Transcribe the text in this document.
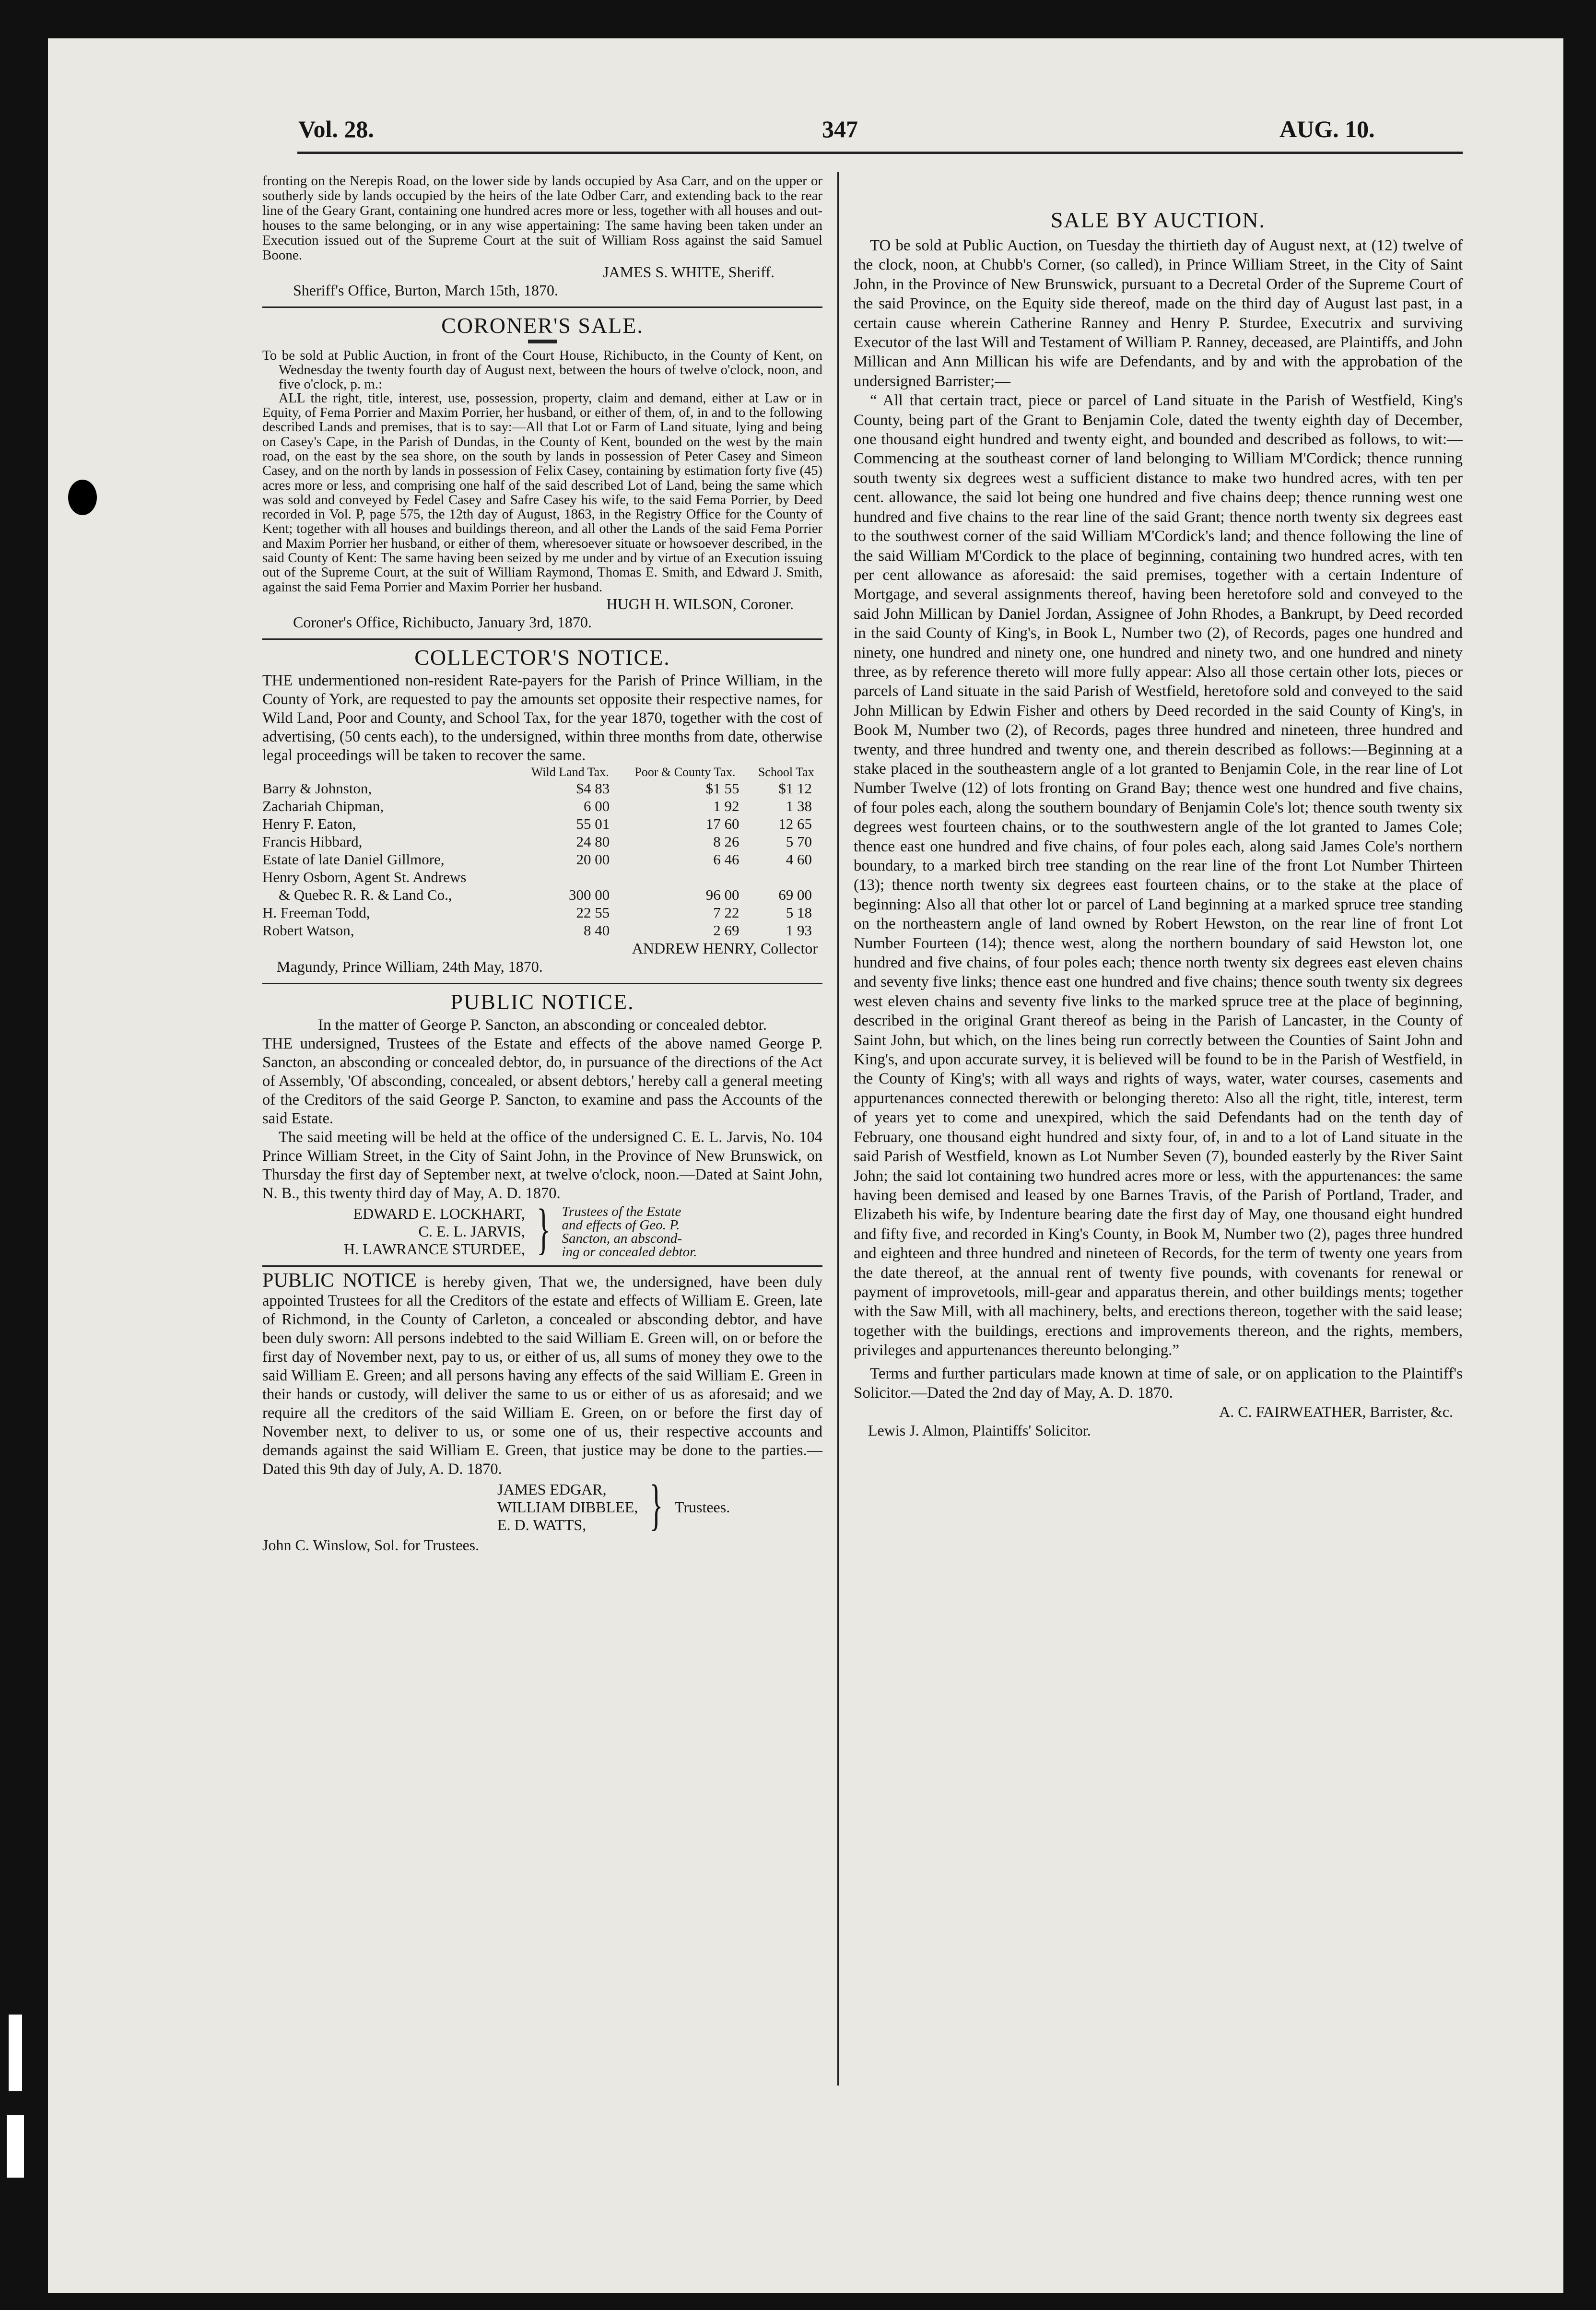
Vol. 28.	347	AUG. 10.

fronting on the Nerepis Road, on the lower side by lands occupied by Asa Carr, and on the upper or southerly side by lands occupied by the heirs of the late Odber Carr, and extending back to the rear line of the Geary Grant, containing one hundred acres more or less, together with all houses and out-houses to the same belonging, or in any wise appertaining: The same having been taken under an Execution issued out of the Supreme Court at the suit of William Ross against the said Samuel Boone.

JAMES S. WHITE, Sheriff.

Sheriff's Office, Burton, March 15th, 1870.

CORONER'S SALE.

To be sold at Public Auction, in front of the Court House, Richibucto, in the County of Kent, on Wednesday the twenty fourth day of August next, between the hours of twelve o'clock, noon, and five o'clock, p. m.:

ALL the right, title, interest, use, possession, property, claim and demand, either at Law or in Equity, of Fema Porrier and Maxim Porrier, her husband, or either of them, of, in and to the following described Lands and premises, that is to say:—All that Lot or Farm of Land situate, lying and being on Casey's Cape, in the Parish of Dundas, in the County of Kent, bounded on the west by the main road, on the east by the sea shore, on the south by lands in possession of Peter Casey and Simeon Casey, and on the north by lands in possession of Felix Casey, containing by estimation forty five (45) acres more or less, and comprising one half of the said described Lot of Land, being the same which was sold and conveyed by Fedel Casey and Safre Casey his wife, to the said Fema Porrier, by Deed recorded in Vol. P, page 575, the 12th day of August, 1863, in the Registry Office for the County of Kent; together with all houses and buildings thereon, and all other the Lands of the said Fema Porrier and Maxim Porrier her husband, or either of them, wheresoever situate or howsoever described, in the said County of Kent: The same having been seized by me under and by virtue of an Execution issuing out of the Supreme Court, at the suit of William Raymond, Thomas E. Smith, and Edward J. Smith, against the said Fema Porrier and Maxim Porrier her husband.

HUGH H. WILSON, Coroner.

Coroner's Office, Richibucto, January 3rd, 1870.

COLLECTOR'S NOTICE.

THE undermentioned non-resident Rate-payers for the Parish of Prince William, in the County of York, are requested to pay the amounts set opposite their respective names, for Wild Land, Poor and County, and School Tax, for the year 1870, together with the cost of advertising, (50 cents each), to the undersigned, within three months from date, otherwise legal proceedings will be taken to recover the same.

	Wild Land Tax.	Poor & County Tax.	School Tax
Barry & Johnston,	$4 83	$1 55	$1 12
Zachariah Chipman,	6 00	1 92	1 38
Henry F. Eaton,	55 01	17 60	12 65
Francis Hibbard,	24 80	8 26	5 70
Estate of late Daniel Gillmore,	20 00	6 46	4 60
Henry Osborn, Agent St. Andrews			
& Quebec R. R. & Land Co.,	300 00	96 00	69 00
H. Freeman Todd,	22 55	7 22	5 18
Robert Watson,	8 40	2 69	1 93

ANDREW HENRY, Collector

Magundy, Prince William, 24th May, 1870.

PUBLIC NOTICE.

In the matter of George P. Sancton, an absconding or concealed debtor.

THE undersigned, Trustees of the Estate and effects of the above named George P. Sancton, an absconding or concealed debtor, do, in pursuance of the directions of the Act of Assembly, 'Of absconding, concealed, or absent debtors,' hereby call a general meeting of the Creditors of the said George P. Sancton, to examine and pass the Accounts of the said Estate.

The said meeting will be held at the office of the undersigned C. E. L. Jarvis, No. 104 Prince William Street, in the City of Saint John, in the Province of New Brunswick, on Thursday the first day of September next, at twelve o'clock, noon.—Dated at Saint John, N. B., this twenty third day of May, A. D. 1870.

EDWARD E. LOCKHART,
C. E. L. JARVIS,
H. LAWRANCE STURDEE, } Trustees of the Estate
and effects of Geo. P.
Sancton, an abscond-
ing or concealed debtor.

PUBLIC NOTICE is hereby given, That we, the undersigned, have been duly appointed Trustees for all the Creditors of the estate and effects of William E. Green, late of Richmond, in the County of Carleton, a concealed or absconding debtor, and have been duly sworn: All persons indebted to the said William E. Green will, on or before the first day of November next, pay to us, or either of us, all sums of money they owe to the said William E. Green; and all persons having any effects of the said William E. Green in their hands or custody, will deliver the same to us or either of us as aforesaid; and we require all the creditors of the said William E. Green, on or before the first day of November next, to deliver to us, or some one of us, their respective accounts and demands against the said William E. Green, that justice may be done to the parties.—Dated this 9th day of July, A. D. 1870.

JAMES EDGAR,
WILLIAM DIBBLEE,
E. D. WATTS,	} Trustees.

John C. Winslow, Sol. for Trustees.

SALE BY AUCTION.

TO be sold at Public Auction, on Tuesday the thirtieth day of August next, at (12) twelve of the clock, noon, at Chubb's Corner, (so called), in Prince William Street, in the City of Saint John, in the Province of New Brunswick, pursuant to a Decretal Order of the Supreme Court of the said Province, on the Equity side thereof, made on the third day of August last past, in a certain cause wherein Catherine Ranney and Henry P. Sturdee, Executrix and surviving Executor of the last Will and Testament of William P. Ranney, deceased, are Plaintiffs, and John Millican and Ann Millican his wife are Defendants, and by and with the approbation of the undersigned Barrister;—

“ All that certain tract, piece or parcel of Land situate in the Parish of Westfield, King's County, being part of the Grant to Benjamin Cole, dated the twenty eighth day of December, one thousand eight hundred and twenty eight, and bounded and described as follows, to wit:—Commencing at the southeast corner of land belonging to William M'Cordick; thence running south twenty six degrees west a sufficient distance to make two hundred acres, with ten per cent. allowance, the said lot being one hundred and five chains deep; thence running west one hundred and five chains to the rear line of the said Grant; thence north twenty six degrees east to the southwest corner of the said William M'Cordick's land; and thence following the line of the said William M'Cordick to the place of beginning, containing two hundred acres, with ten per cent allowance as aforesaid: the said premises, together with a certain Indenture of Mortgage, and several assignments thereof, having been heretofore sold and conveyed to the said John Millican by Daniel Jordan, Assignee of John Rhodes, a Bankrupt, by Deed recorded in the said County of King's, in Book L, Number two (2), of Records, pages one hundred and ninety, one hundred and ninety one, one hundred and ninety two, and one hundred and ninety three, as by reference thereto will more fully appear: Also all those certain other lots, pieces or parcels of Land situate in the said Parish of Westfield, heretofore sold and conveyed to the said John Millican by Edwin Fisher and others by Deed recorded in the said County of King's, in Book M, Number two (2), of Records, pages three hundred and nineteen, three hundred and twenty, and three hundred and twenty one, and therein described as follows:—Beginning at a stake placed in the southeastern angle of a lot granted to Benjamin Cole, in the rear line of Lot Number Twelve (12) of lots fronting on Grand Bay; thence west one hundred and five chains, of four poles each, along the southern boundary of Benjamin Cole's lot; thence south twenty six degrees west fourteen chains, or to the southwestern angle of the lot granted to James Cole; thence east one hundred and five chains, of four poles each, along said James Cole's northern boundary, to a marked birch tree standing on the rear line of the front Lot Number Thirteen (13); thence north twenty six degrees east fourteen chains, or to the stake at the place of beginning: Also all that other lot or parcel of Land beginning at a marked spruce tree standing on the northeastern angle of land owned by Robert Hewston, on the rear line of front Lot Number Fourteen (14); thence west, along the northern boundary of said Hewston lot, one hundred and five chains, of four poles each; thence north twenty six degrees east eleven chains and seventy five links; thence east one hundred and five chains; thence south twenty six degrees west eleven chains and seventy five links to the marked spruce tree at the place of beginning, described in the original Grant thereof as being in the Parish of Lancaster, in the County of Saint John, but which, on the lines being run correctly between the Counties of Saint John and King's, and upon accurate survey, it is believed will be found to be in the Parish of Westfield, in the County of King's; with all ways and rights of ways, water, water courses, casements and appurtenances connected therewith or belonging thereto: Also all the right, title, interest, term of years yet to come and unexpired, which the said Defendants had on the tenth day of February, one thousand eight hundred and sixty four, of, in and to a lot of Land situate in the said Parish of Westfield, known as Lot Number Seven (7), bounded easterly by the River Saint John; the said lot containing two hundred acres more or less, with the appurtenances: the same having been demised and leased by one Barnes Travis, of the Parish of Portland, Trader, and Elizabeth his wife, by Indenture bearing date the first day of May, one thousand eight hundred and fifty five, and recorded in King's County, in Book M, Number two (2), pages three hundred and eighteen and three hundred and nineteen of Records, for the term of twenty one years from the date thereof, at the annual rent of twenty five pounds, with covenants for renewal or payment of improvetools, mill-gear and apparatus therein, and other buildings ments; together with the Saw Mill, with all machinery, belts, and erections thereon, together with the said lease; together with the buildings, erections and improvements thereon, and the rights, members, privileges and appurtenances thereunto belonging.”

Terms and further particulars made known at time of sale, or on application to the Plaintiff's Solicitor.—Dated the 2nd day of May, A. D. 1870.

A. C. FAIRWEATHER, Barrister, &c.

Lewis J. Almon, Plaintiffs' Solicitor.
